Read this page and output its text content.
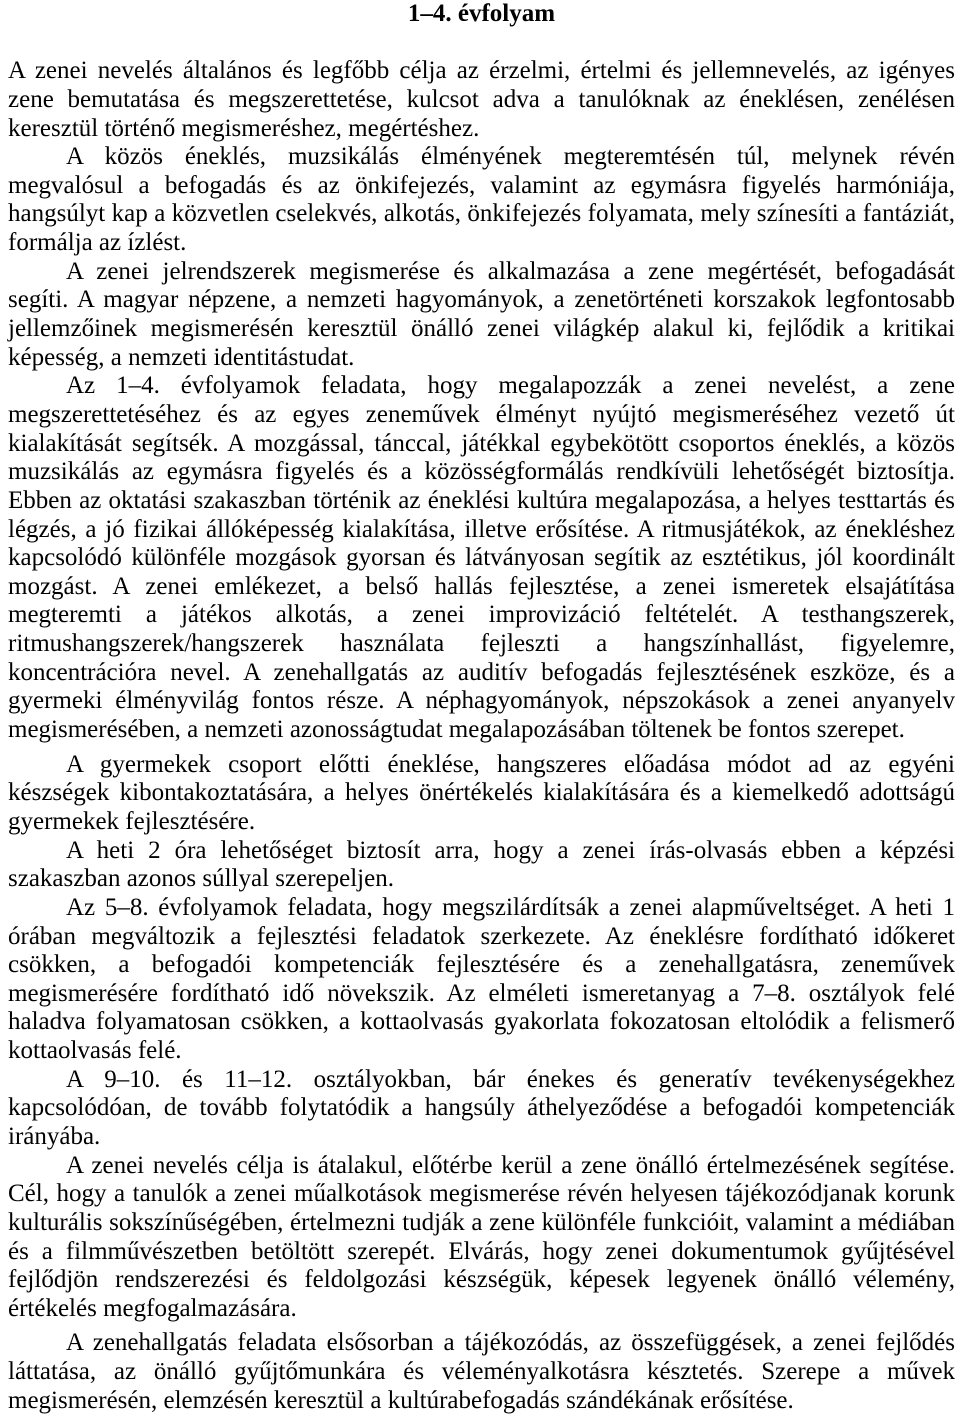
1–4. évfolyam
A zenei nevelés általános és legfőbb célja az érzelmi, értelmi és jellemnevelés, az igényes
zene bemutatása és megszerettetése, kulcsot adva a tanulóknak az éneklésen, zenélésen
keresztül történő megismeréshez, megértéshez.
A közös éneklés, muzsikálás élményének megteremtésén túl, melynek révén
megvalósul a befogadás és az önkifejezés, valamint az egymásra figyelés harmóniája,
hangsúlyt kap a közvetlen cselekvés, alkotás, önkifejezés folyamata, mely színesíti a fantáziát,
formálja az ízlést.
A zenei jelrendszerek megismerése és alkalmazása a zene megértését, befogadását
segíti. A magyar népzene, a nemzeti hagyományok, a zenetörténeti korszakok legfontosabb
jellemzőinek megismerésén keresztül önálló zenei világkép alakul ki, fejlődik a kritikai
képesség, a nemzeti identitástudat.
Az 1–4. évfolyamok feladata, hogy megalapozzák a zenei nevelést, a zene
megszerettetéséhez és az egyes zeneművek élményt nyújtó megismeréséhez vezető út
kialakítását segítsék. A mozgással, tánccal, játékkal egybekötött csoportos éneklés, a közös
muzsikálás az egymásra figyelés és a közösségformálás rendkívüli lehetőségét biztosítja.
Ebben az oktatási szakaszban történik az éneklési kultúra megalapozása, a helyes testtartás és
légzés, a jó fizikai állóképesség kialakítása, illetve erősítése. A ritmusjátékok, az énekléshez
kapcsolódó különféle mozgások gyorsan és látványosan segítik az esztétikus, jól koordinált
mozgást. A zenei emlékezet, a belső hallás fejlesztése, a zenei ismeretek elsajátítása
megteremti a játékos alkotás, a zenei improvizáció feltételét. A testhangszerek,
ritmushangszerek/hangszerek használata fejleszti a hangszínhallást, figyelemre,
koncentrációra nevel. A zenehallgatás az auditív befogadás fejlesztésének eszköze, és a
gyermeki élményvilág fontos része. A néphagyományok, népszokások a zenei anyanyelv
megismerésében, a nemzeti azonosságtudat megalapozásában töltenek be fontos szerepet.
A gyermekek csoport előtti éneklése, hangszeres előadása módot ad az egyéni
készségek kibontakoztatására, a helyes önértékelés kialakítására és a kiemelkedő adottságú
gyermekek fejlesztésére.
A heti 2 óra lehetőséget biztosít arra, hogy a zenei írás-olvasás ebben a képzési
szakaszban azonos súllyal szerepeljen.
Az 5–8. évfolyamok feladata, hogy megszilárdítsák a zenei alapműveltséget. A heti 1
órában megváltozik a fejlesztési feladatok szerkezete. Az éneklésre fordítható időkeret
csökken, a befogadói kompetenciák fejlesztésére és a zenehallgatásra, zeneművek
megismerésére fordítható idő növekszik. Az elméleti ismeretanyag a 7–8. osztályok felé
haladva folyamatosan csökken, a kottaolvasás gyakorlata fokozatosan eltolódik a felismerő
kottaolvasás felé.
A 9–10. és 11–12. osztályokban, bár énekes és generatív tevékenységekhez
kapcsolódóan, de tovább folytatódik a hangsúly áthelyeződése a befogadói kompetenciák
irányába.
A zenei nevelés célja is átalakul, előtérbe kerül a zene önálló értelmezésének segítése.
Cél, hogy a tanulók a zenei műalkotások megismerése révén helyesen tájékozódjanak korunk
kulturális sokszínűségében, értelmezni tudják a zene különféle funkcióit, valamint a médiában
és a filmművészetben betöltött szerepét. Elvárás, hogy zenei dokumentumok gyűjtésével
fejlődjön rendszerezési és feldolgozási készségük, képesek legyenek önálló vélemény,
értékelés megfogalmazására.
A zenehallgatás feladata elsősorban a tájékozódás, az összefüggések, a zenei fejlődés
láttatása, az önálló gyűjtőmunkára és véleményalkotásra késztetés. Szerepe a művek
megismerésén, elemzésén keresztül a kultúrabefogadás szándékának erősítése.
